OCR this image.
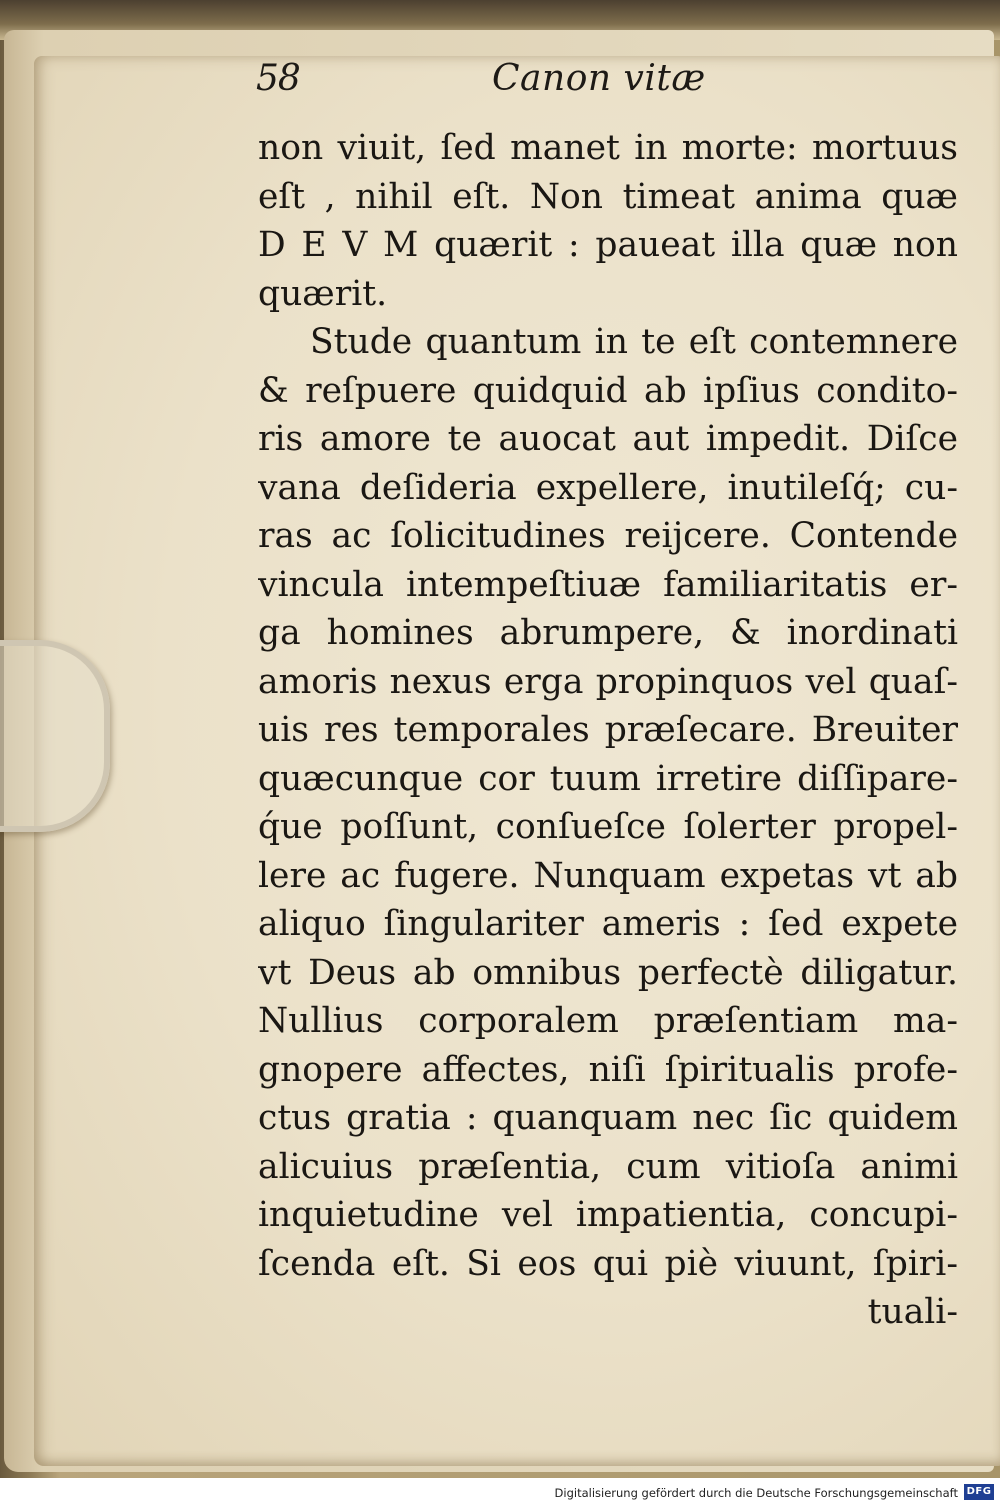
58	Canon vitæ
non viuit, ſed manet in morte: mortuus
eſt , nihil eſt. Non timeat anima quæ
D E V M quærit : paueat illa quæ non
quærit.
Stude quantum in te eſt contemnere
& reſpuere quidquid ab ipſius condito-
ris amore te auocat aut impedit. Diſce
vana deſideria expellere, inutileſq́; cu-
ras ac ſolicitudines reijcere. Contende
vincula intempeſtiuæ familiaritatis er-
ga homines abrumpere, & inordinati
amoris nexus erga propinquos vel quaſ-
uis res temporales præſecare. Breuiter
quæcunque cor tuum irretire diſſipare-
q́ue poſſunt, conſueſce ſolerter propel-
lere ac fugere. Nunquam expetas vt ab
aliquo ſingulariter ameris : ſed expete
vt Deus ab omnibus perfectè diligatur.
Nullius corporalem præſentiam ma-
gnopere affectes, niſi ſpiritualis profe-
ctus gratia : quanquam nec ſic quidem
alicuius præſentia, cum vitioſa animi
inquietudine vel impatientia, concupi-
ſcenda eſt. Si eos qui piè viuunt, ſpiri-
tuali-
Digitalisierung gefördert durch die Deutsche Forschungsgemeinschaft DFG
